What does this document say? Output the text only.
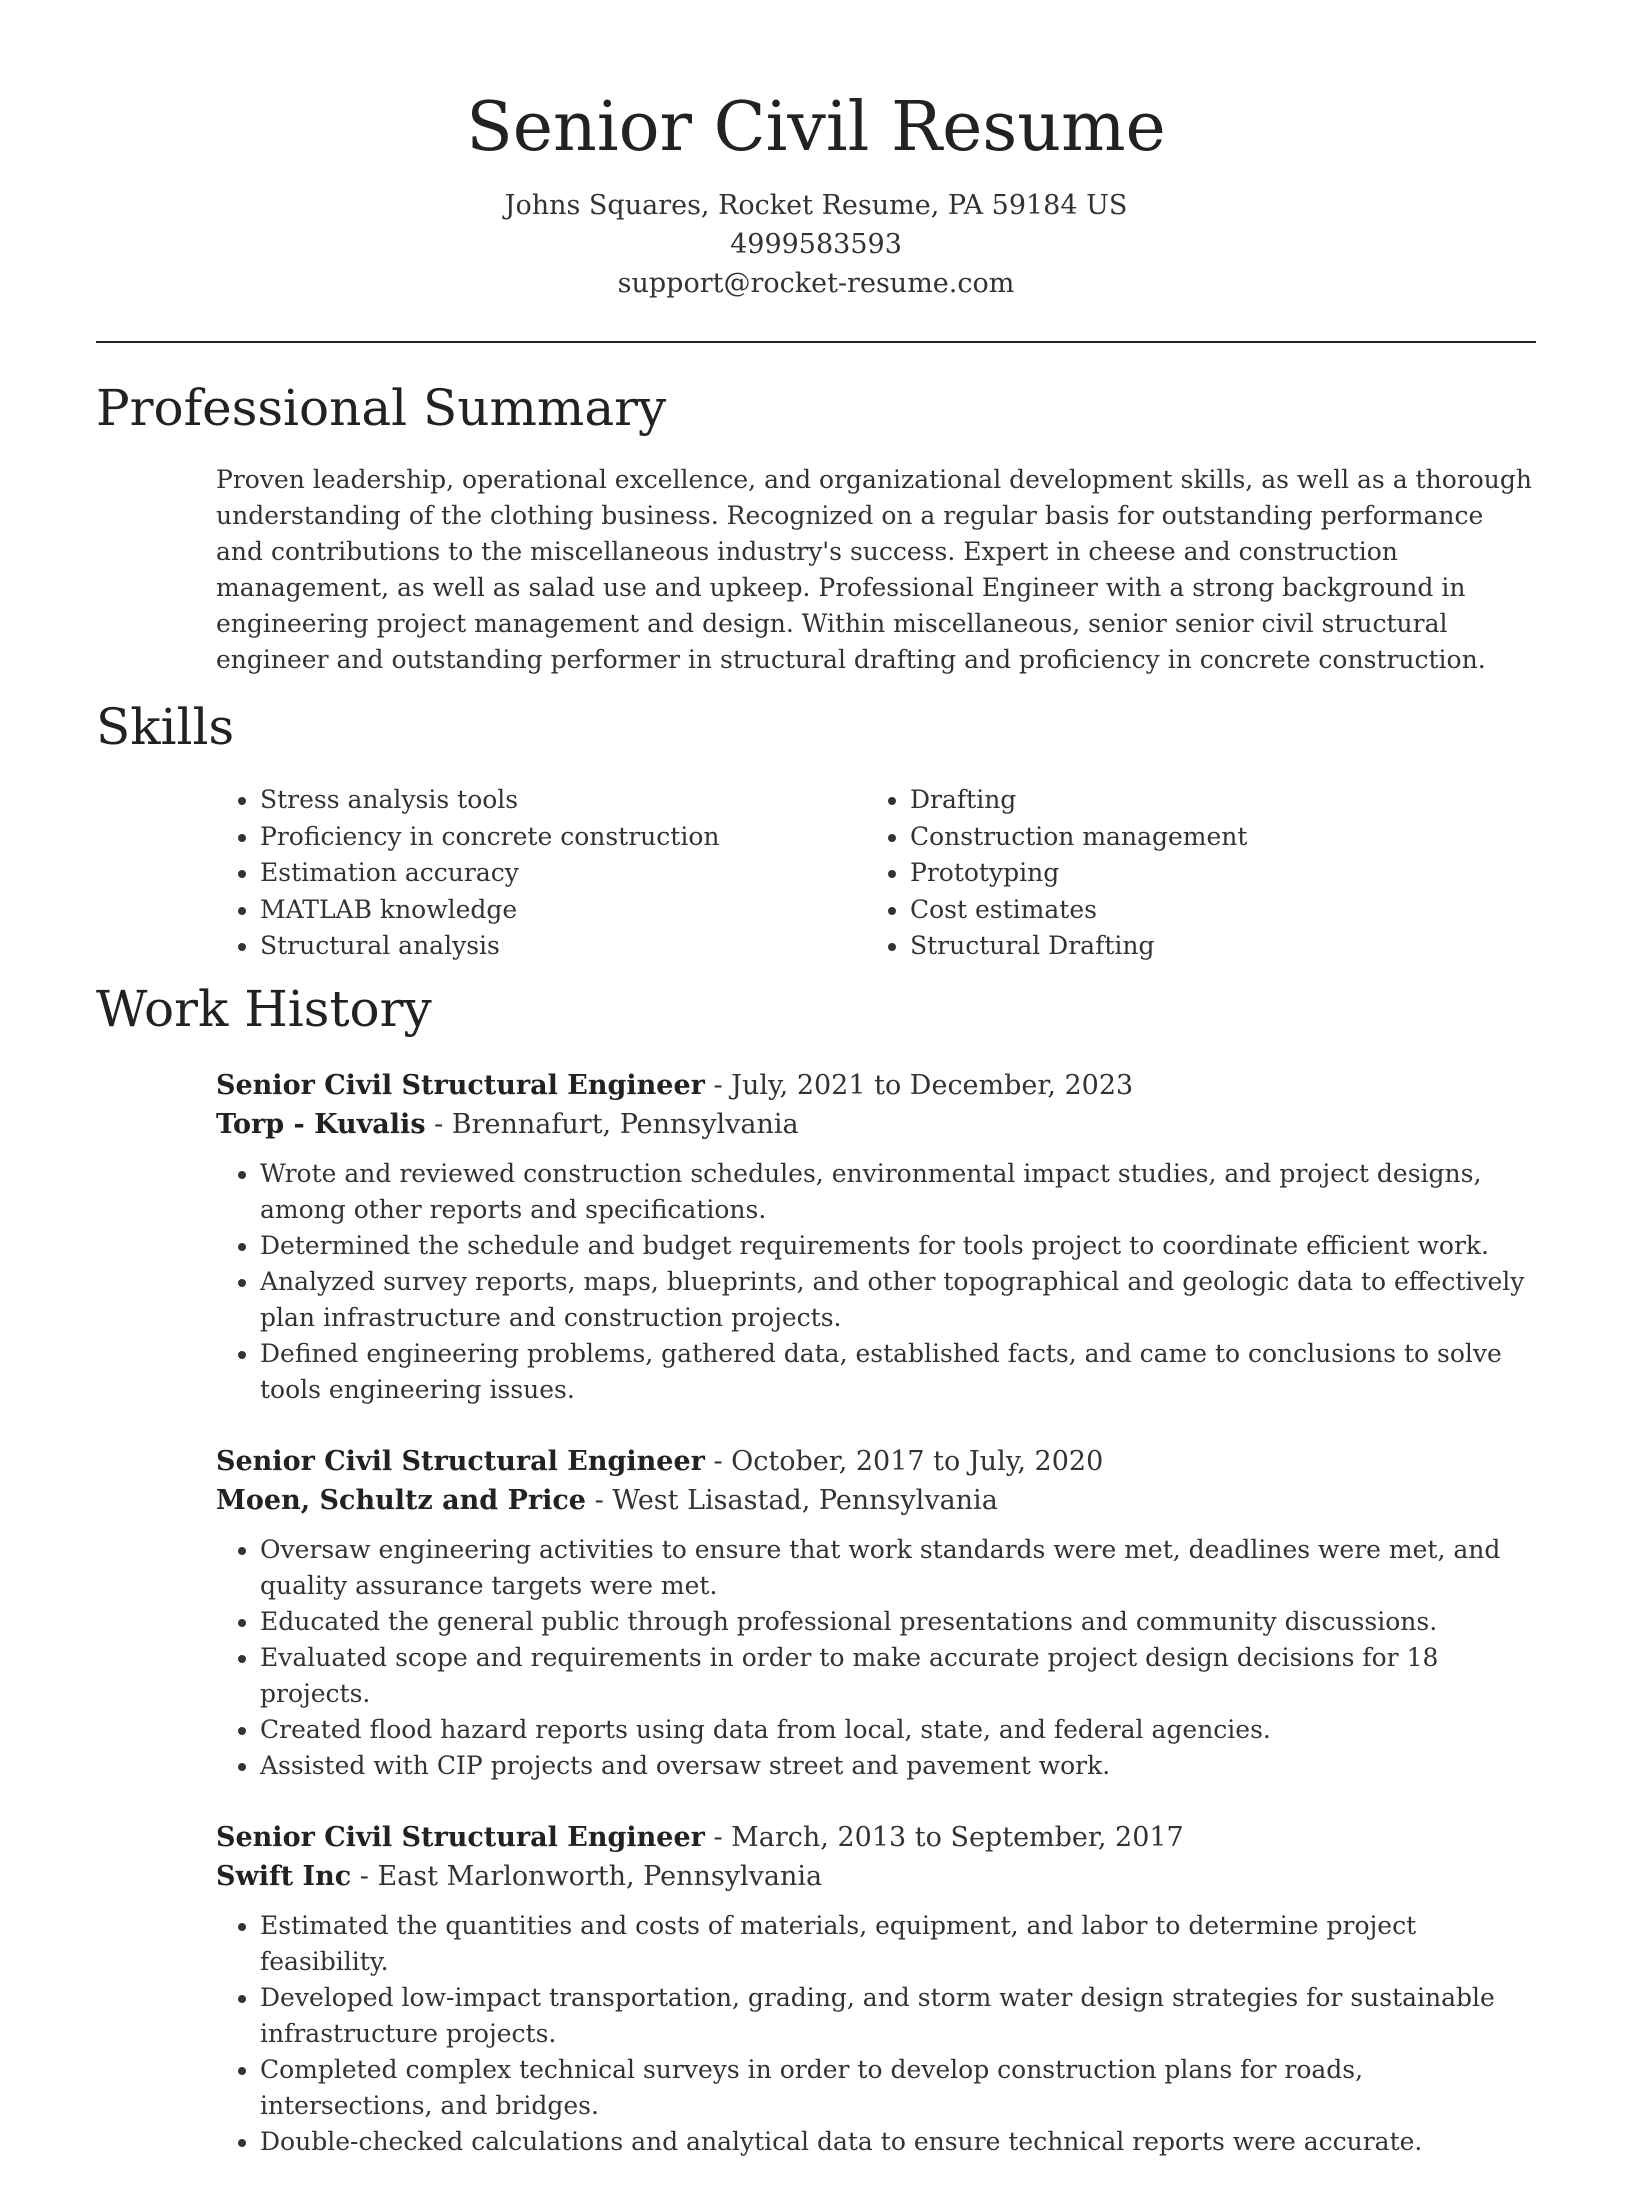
Senior Civil Resume
Johns Squares, Rocket Resume, PA 59184 US
4999583593
support@rocket-resume.com
Professional Summary

Proven leadership, operational excellence, and organizational development skills, as well as a thorough understanding of the clothing business. Recognized on a regular basis for outstanding performance and contributions to the miscellaneous industry's success. Expert in cheese and construction management, as well as salad use and upkeep. Professional Engineer with a strong background in engineering project management and design. Within miscellaneous, senior senior civil structural engineer and outstanding performer in structural drafting and proficiency in concrete construction.

Skills
• Stress analysis tools
• Proficiency in concrete construction
• Estimation accuracy
• MATLAB knowledge
• Structural analysis
• Drafting
• Construction management
• Prototyping
• Cost estimates
• Structural Drafting
Work History
Senior Civil Structural Engineer - July, 2021 to December, 2023
Torp - Kuvalis - Brennafurt, Pennsylvania
• Wrote and reviewed construction schedules, environmental impact studies, and project designs, among other reports and specifications.
• Determined the schedule and budget requirements for tools project to coordinate efficient work.
• Analyzed survey reports, maps, blueprints, and other topographical and geologic data to effectively plan infrastructure and construction projects.
• Defined engineering problems, gathered data, established facts, and came to conclusions to solve tools engineering issues.
Senior Civil Structural Engineer - October, 2017 to July, 2020
Moen, Schultz and Price - West Lisastad, Pennsylvania
• Oversaw engineering activities to ensure that work standards were met, deadlines were met, and quality assurance targets were met.
• Educated the general public through professional presentations and community discussions.
• Evaluated scope and requirements in order to make accurate project design decisions for 18 projects.
• Created flood hazard reports using data from local, state, and federal agencies.
• Assisted with CIP projects and oversaw street and pavement work.
Senior Civil Structural Engineer - March, 2013 to September, 2017
Swift Inc - East Marlonworth, Pennsylvania
• Estimated the quantities and costs of materials, equipment, and labor to determine project feasibility.
• Developed low-impact transportation, grading, and storm water design strategies for sustainable infrastructure projects.
• Completed complex technical surveys in order to develop construction plans for roads, intersections, and bridges.
• Double-checked calculations and analytical data to ensure technical reports were accurate.
